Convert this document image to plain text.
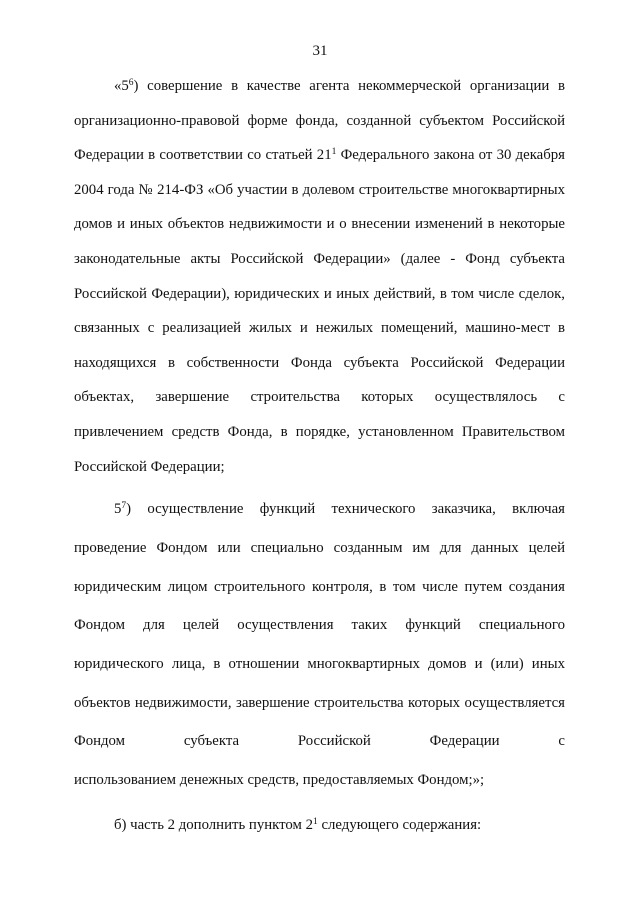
31

«$5^6$) совершение в качестве агента некоммерческой организации в организационно-правовой форме фонда, созданной субъектом Российской Федерации в соответствии со статьей $21^1$ Федерального закона от 30 декабря 2004 года № 214-ФЗ «Об участии в долевом строительстве многоквартирных домов и иных объектов недвижимости и о внесении изменений в некоторые законодательные акты Российской Федерации» (далее - Фонд субъекта Российской Федерации), юридических и иных действий, в том числе сделок, связанных с реализацией жилых и нежилых помещений, машино-мест в находящихся в собственности Фонда субъекта Российской Федерации объектах, завершение строительства которых осуществлялось с привлечением средств Фонда, в порядке, установленном Правительством Российской Федерации;

$5^7$) осуществление функций технического заказчика, включая проведение Фондом или специально созданным им для данных целей юридическим лицом строительного контроля, в том числе путем создания Фондом для целей осуществления таких функций специального юридического лица, в отношении многоквартирных домов и (или) иных объектов недвижимости, завершение строительства которых осуществляется Фондом субъекта Российской Федерации с
использованием денежных средств, предоставляемых Фондом;»;

б) часть 2 дополнить пунктом $2^1$ следующего содержания:
